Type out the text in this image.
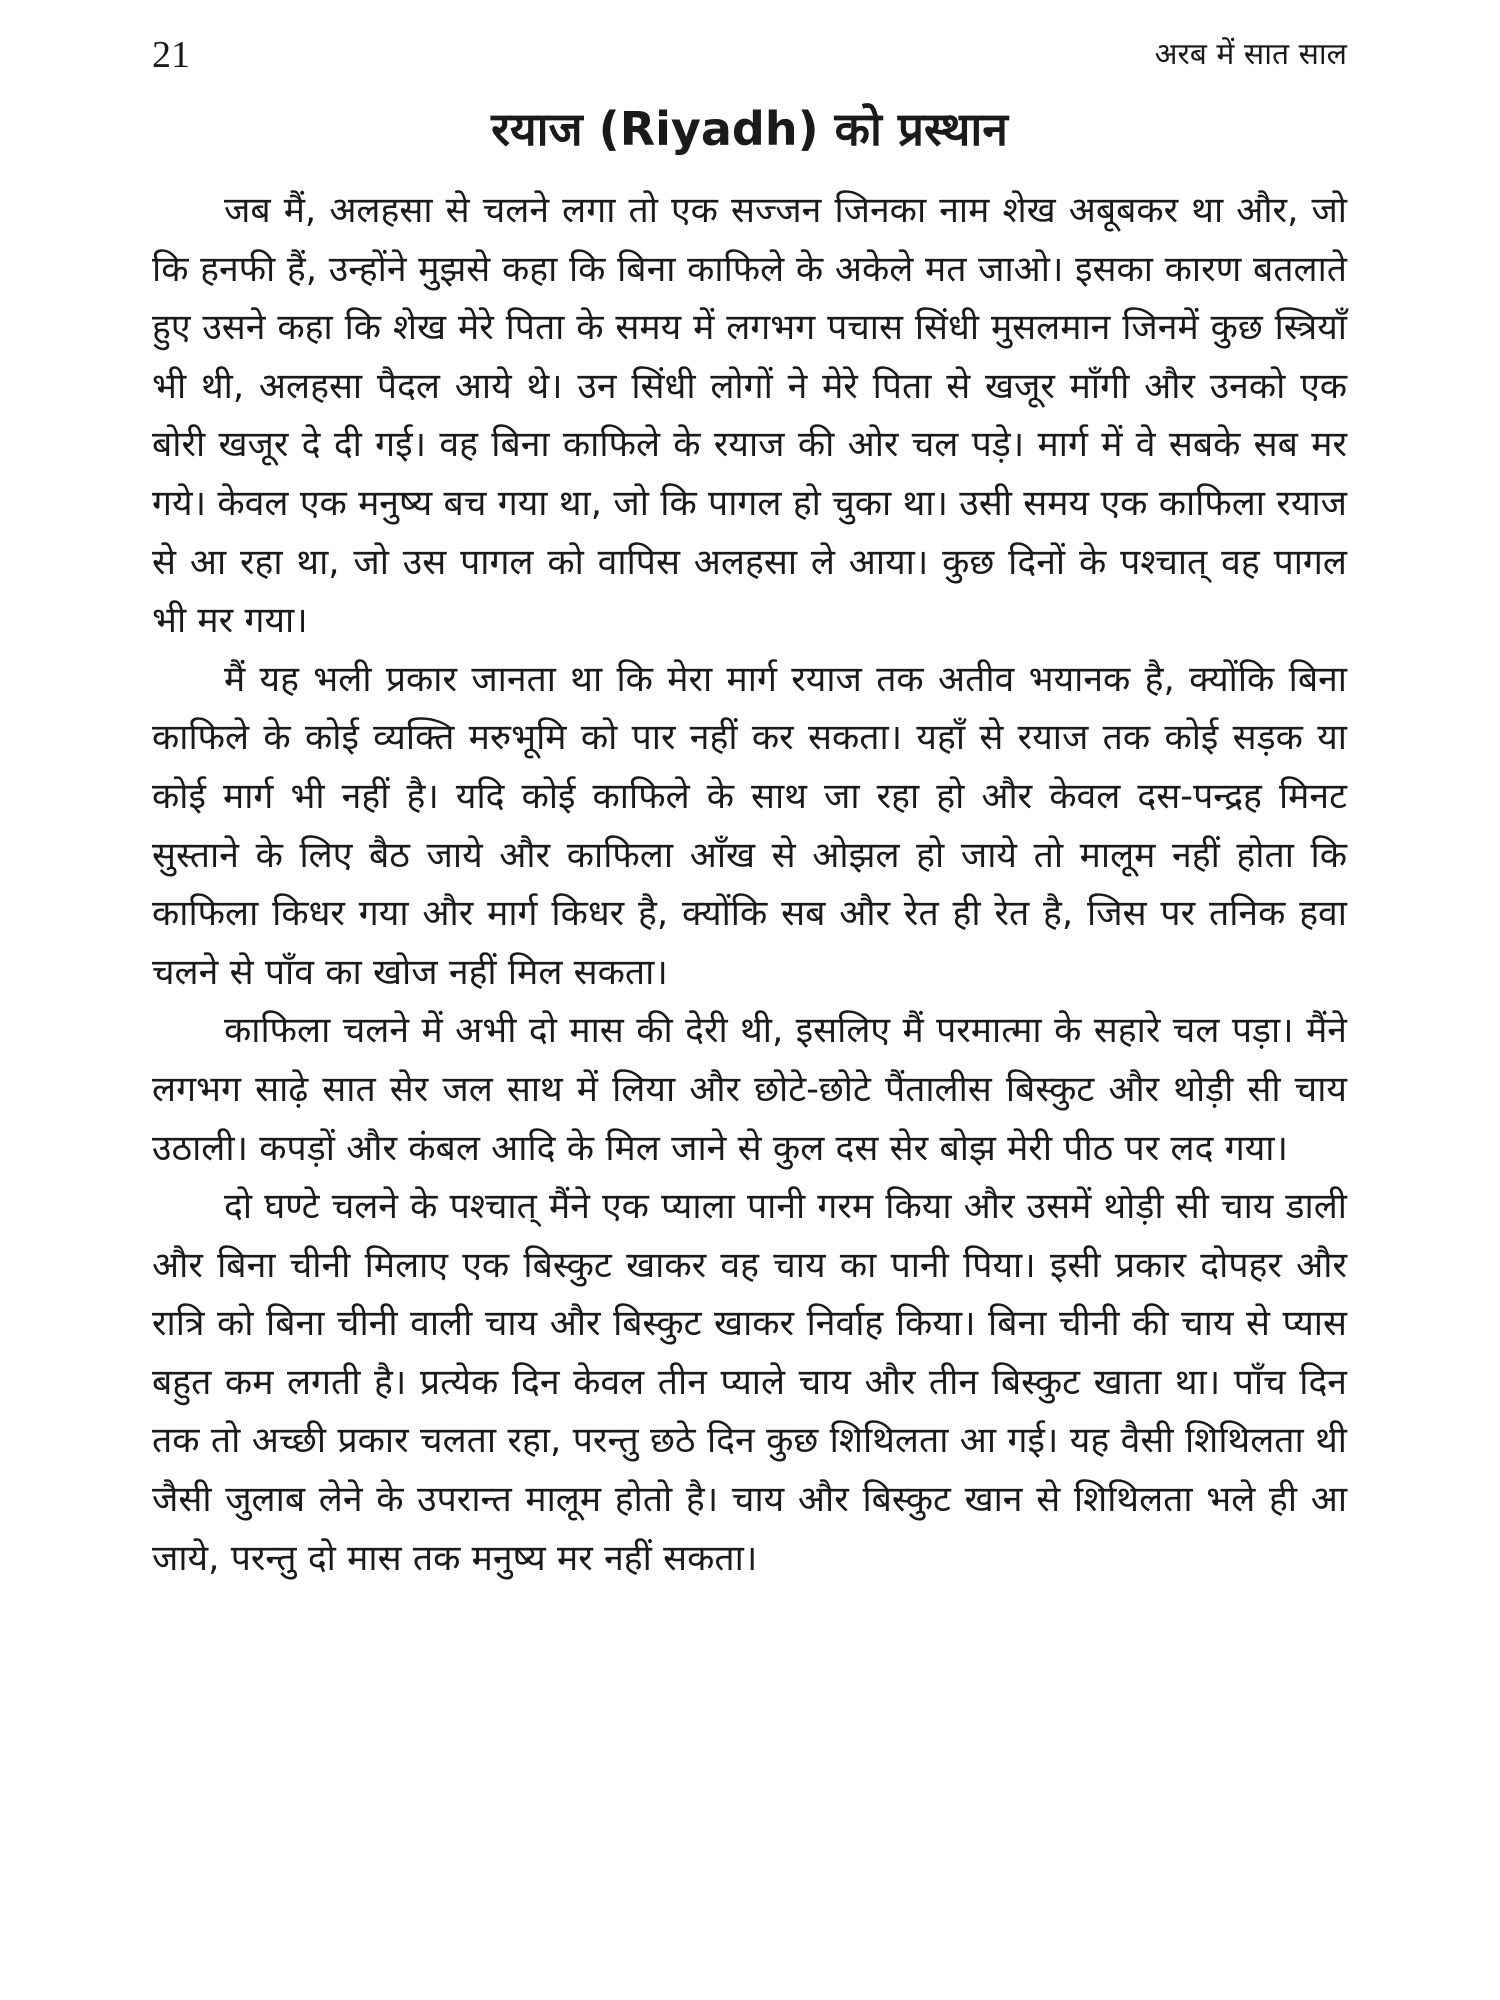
21	अरब में सात साल
रयाज (Riyadh) को प्रस्थान

जब मैं, अलहसा से चलने लगा तो एक सज्जन जिनका नाम शेख अबूबकर था और, जो कि हनफी हैं, उन्होंने मुझसे कहा कि बिना काफिले के अकेले मत जाओ। इसका कारण बतलाते हुए उसने कहा कि शेख मेरे पिता के समय में लगभग पचास सिंधी मुसलमान जिनमें कुछ स्त्रियाँ भी थी, अलहसा पैदल आये थे। उन सिंधी लोगों ने मेरे पिता से खजूर माँगी और उनको एक बोरी खजूर दे दी गई। वह बिना काफिले के रयाज की ओर चल पड़े। मार्ग में वे सबके सब मर गये। केवल एक मनुष्य बच गया था, जो कि पागल हो चुका था। उसी समय एक काफिला रयाज से आ रहा था, जो उस पागल को वापिस अलहसा ले आया। कुछ दिनों के पश्चात् वह पागल भी मर गया।

मैं यह भली प्रकार जानता था कि मेरा मार्ग रयाज तक अतीव भयानक है, क्योंकि बिना काफिले के कोई व्यक्ति मरुभूमि को पार नहीं कर सकता। यहाँ से रयाज तक कोई सड़क या कोई मार्ग भी नहीं है। यदि कोई काफिले के साथ जा रहा हो और केवल दस-पन्द्रह मिनट सुस्ताने के लिए बैठ जाये और काफिला आँख से ओझल हो जाये तो मालूम नहीं होता कि काफिला किधर गया और मार्ग किधर है, क्योंकि सब और रेत ही रेत है, जिस पर तनिक हवा चलने से पाँव का खोज नहीं मिल सकता।

काफिला चलने में अभी दो मास की देरी थी, इसलिए मैं परमात्मा के सहारे चल पड़ा। मैंने लगभग साढ़े सात सेर जल साथ में लिया और छोटे-छोटे पैंतालीस बिस्कुट और थोड़ी सी चाय उठाली। कपड़ों और कंबल आदि के मिल जाने से कुल दस सेर बोझ मेरी पीठ पर लद गया।

दो घण्टे चलने के पश्चात् मैंने एक प्याला पानी गरम किया और उसमें थोड़ी सी चाय डाली और बिना चीनी मिलाए एक बिस्कुट खाकर वह चाय का पानी पिया। इसी प्रकार दोपहर और रात्रि को बिना चीनी वाली चाय और बिस्कुट खाकर निर्वाह किया। बिना चीनी की चाय से प्यास बहुत कम लगती है। प्रत्येक दिन केवल तीन प्याले चाय और तीन बिस्कुट खाता था। पाँच दिन तक तो अच्छी प्रकार चलता रहा, परन्तु छठे दिन कुछ शिथिलता आ गई। यह वैसी शिथिलता थी जैसी जुलाब लेने के उपरान्त मालूम होतो है। चाय और बिस्कुट खान से शिथिलता भले ही आ जाये, परन्तु दो मास तक मनुष्य मर नहीं सकता।
